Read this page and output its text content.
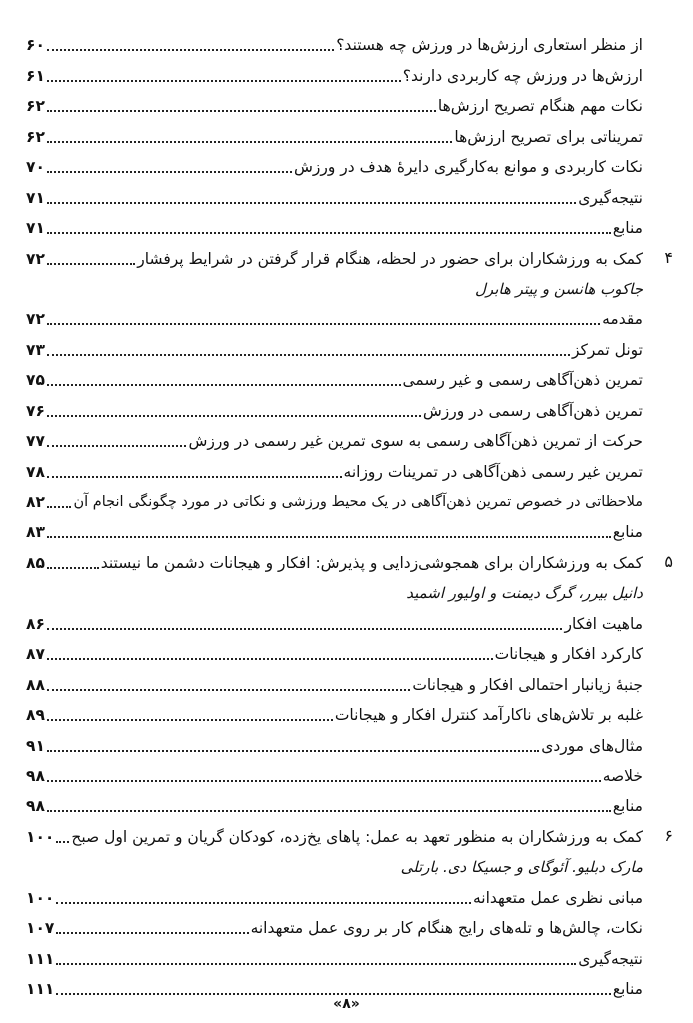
از منظر استعاری ارزش‌ها در ورزش چه هستند؟
۶۰
ارزش‌ها در ورزش چه کاربردی دارند؟
۶۱
نکات مهم هنگام تصریح ارزش‌ها
۶۲
تمریناتی برای تصریح ارزش‌ها
۶۲
نکات کاربردی و موانع به‌کارگیری دایرهٔ هدف در ورزش
۷۰
نتیجه‌گیری
۷۱
منابع
۷۱
۴
کمک به ورزشکاران برای حضور در لحظه، هنگام قرار گرفتن در شرایط پرفشار
۷۲
جاکوب هانسن و پیتر هابرل
مقدمه
۷۲
تونل تمرکز
۷۳
تمرین ذهن‌آگاهی رسمی و غیر رسمی
۷۵
تمرین ذهن‌آگاهی رسمی در ورزش
۷۶
حرکت از تمرین ذهن‌آگاهی رسمی به سوی تمرین غیر رسمی در ورزش
۷۷
تمرین غیر رسمی ذهن‌آگاهی در تمرینات روزانه
۷۸
ملاحظاتی در خصوص تمرین ذهن‌آگاهی در یک محیط ورزشی و نکاتی در مورد چگونگی انجام آن
۸۲
منابع
۸۳
۵
کمک به ورزشکاران برای همجوشی‌زدایی و پذیرش: افکار و هیجانات دشمن ما نیستند
۸۵
دانیل بیرر، گرگ دیمنت و اولیور اشمید
ماهیت افکار
۸۶
کارکرد افکار و هیجانات
۸۷
جنبهٔ زیانبار احتمالی افکار و هیجانات
۸۸
غلبه بر تلاش‌های ناکارآمد کنترل افکار و هیجانات
۸۹
مثال‌های موردی
۹۱
خلاصه
۹۸
منابع
۹۸
۶
کمک به ورزشکاران به منظور تعهد به عمل: پاهای یخ‌زده، کودکان گریان و تمرین اول صبح
۱۰۰
مارک دبلیو. آئوگای و جسیکا دی. بارتلی
مبانی نظری عمل متعهدانه
۱۰۰
نکات، چالش‌ها و تله‌های رایج هنگام کار بر روی عمل متعهدانه
۱۰۷
نتیجه‌گیری
۱۱۱
منابع
۱۱۱
«۸»
